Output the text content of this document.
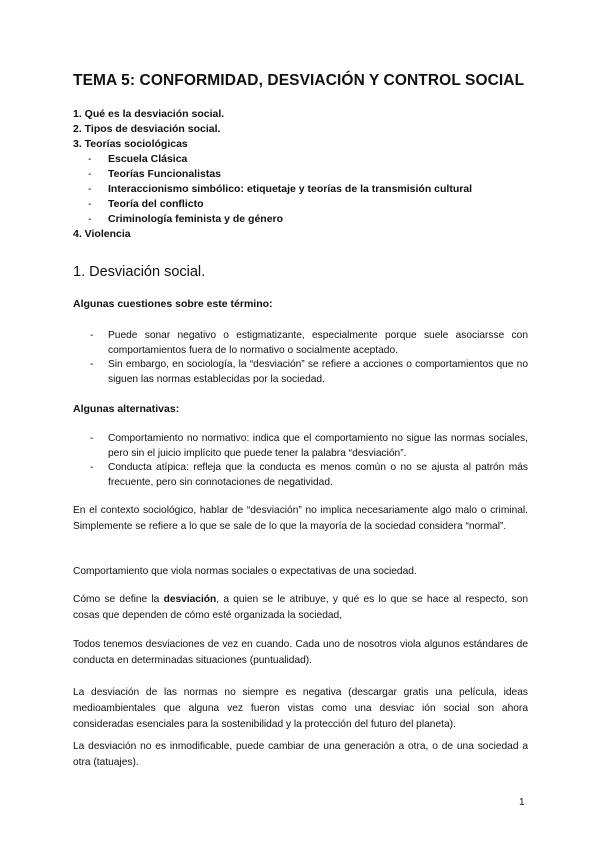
TEMA 5: CONFORMIDAD, DESVIACIÓN Y CONTROL SOCIAL
1. Qué es la desviación social.
2. Tipos de desviación social.
3. Teorías sociológicas
- Escuela Clásica
- Teorías Funcionalistas
- Interaccionismo simbólico: etiquetaje y teorías de la transmisión cultural
- Teoría del conflicto
- Criminología feminista y de género
4. Violencia
1. Desviación social.
Algunas cuestiones sobre este término:
- Puede sonar negativo o estigmatizante, especialmente porque suele asociarsse con comportamientos fuera de lo normativo o socialmente aceptado.
- Sin embargo, en sociología, la “desviación” se refiere a acciones o comportamientos que no siguen las normas establecidas por la sociedad.
Algunas alternativas:
- Comportamiento no normativo: indica que el comportamiento no sigue las normas sociales, pero sin el juicio implícito que puede tener la palabra “desviación”.
- Conducta atípica: refleja que la conducta es menos común o no se ajusta al patrón más frecuente, pero sin connotaciones de negatividad.
En el contexto sociológico, hablar de “desviación” no implica necesariamente algo malo o criminal. Simplemente se refiere a lo que se sale de lo que la mayoría de la sociedad considera “normal”.
Comportamiento que viola normas sociales o expectativas de una sociedad.
Cómo se define la desviación, a quien se le atribuye, y qué es lo que se hace al respecto, son cosas que dependen de cómo esté organizada la sociedad,
Todos tenemos desviaciones de vez en cuando. Cada uno de nosotros viola algunos estándares de conducta en determinadas situaciones (puntualidad).
La desviación de las normas no siempre es negativa (descargar gratis una película, ideas medioambientales que alguna vez fueron vistas como una desviac ión social son ahora consideradas esenciales para la sostenibilidad y la protección del futuro del planeta).
La desviación no es inmodificable, puede cambiar de una generación a otra, o de una sociedad a otra (tatuajes).
1
